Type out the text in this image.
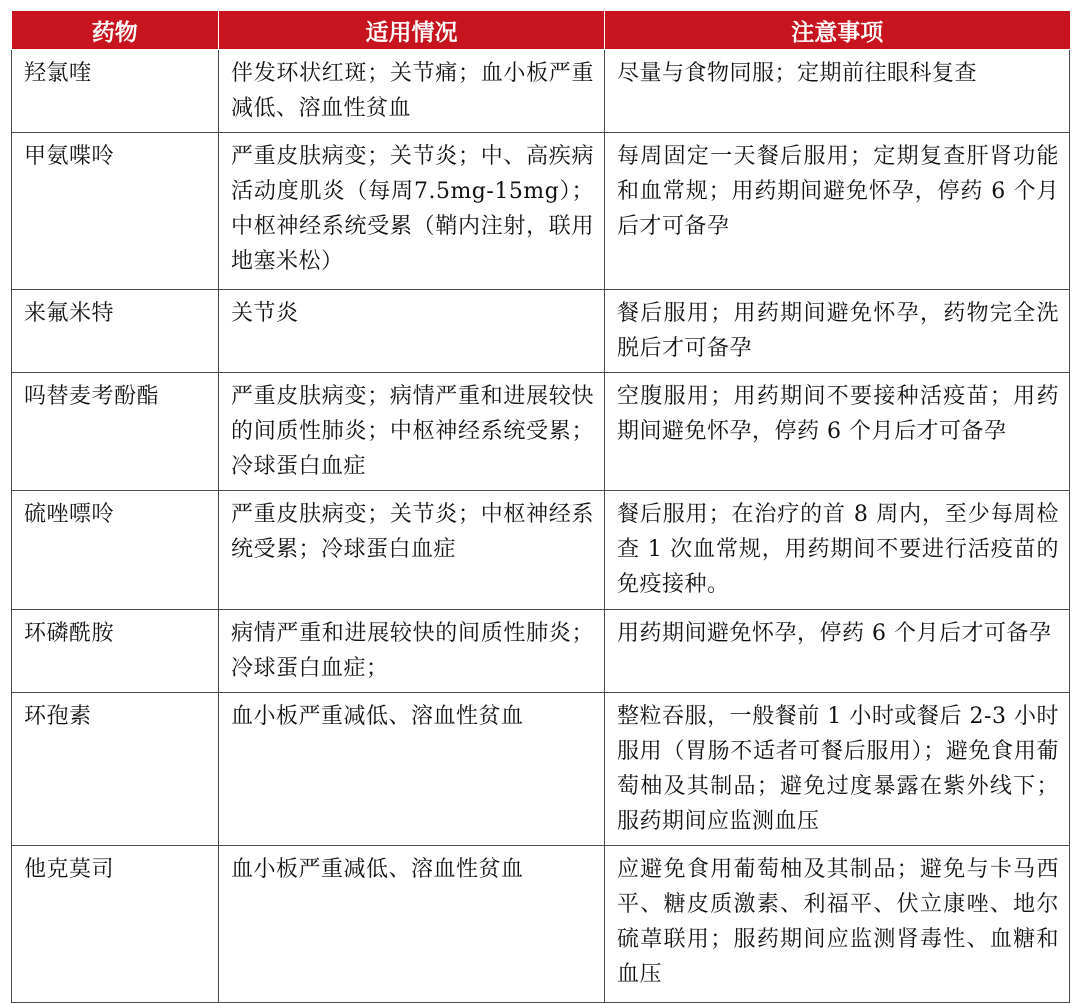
药物	适用情况	注意事项
羟氯喹	伴发环状红斑；关节痛；血小板严重减低、溶血性贫血	尽量与食物同服；定期前往眼科复查
甲氨喋呤	严重皮肤病变；关节炎；中、高疾病活动度肌炎（每周7.5mg-15mg）；中枢神经系统受累（鞘内注射，联用地塞米松）	每周固定一天餐后服用；定期复查肝肾功能和血常规；用药期间避免怀孕，停药 6 个月后才可备孕
来氟米特	关节炎	餐后服用；用药期间避免怀孕，药物完全洗脱后才可备孕
吗替麦考酚酯	严重皮肤病变；病情严重和进展较快的间质性肺炎；中枢神经系统受累；冷球蛋白血症	空腹服用；用药期间不要接种活疫苗；用药期间避免怀孕，停药 6 个月后才可备孕
硫唑嘌呤	严重皮肤病变；关节炎；中枢神经系统受累；冷球蛋白血症	餐后服用；在治疗的首 8 周内，至少每周检查 1 次血常规，用药期间不要进行活疫苗的免疫接种。
环磷酰胺	病情严重和进展较快的间质性肺炎；冷球蛋白血症；	用药期间避免怀孕，停药 6 个月后才可备孕
环孢素	血小板严重减低、溶血性贫血	整粒吞服，一般餐前 1 小时或餐后 2-3 小时服用（胃肠不适者可餐后服用）；避免食用葡萄柚及其制品；避免过度暴露在紫外线下；服药期间应监测血压
他克莫司	血小板严重减低、溶血性贫血	应避免食用葡萄柚及其制品；避免与卡马西平、糖皮质激素、利福平、伏立康唑、地尔硫䓬联用；服药期间应监测肾毒性、血糖和血压
